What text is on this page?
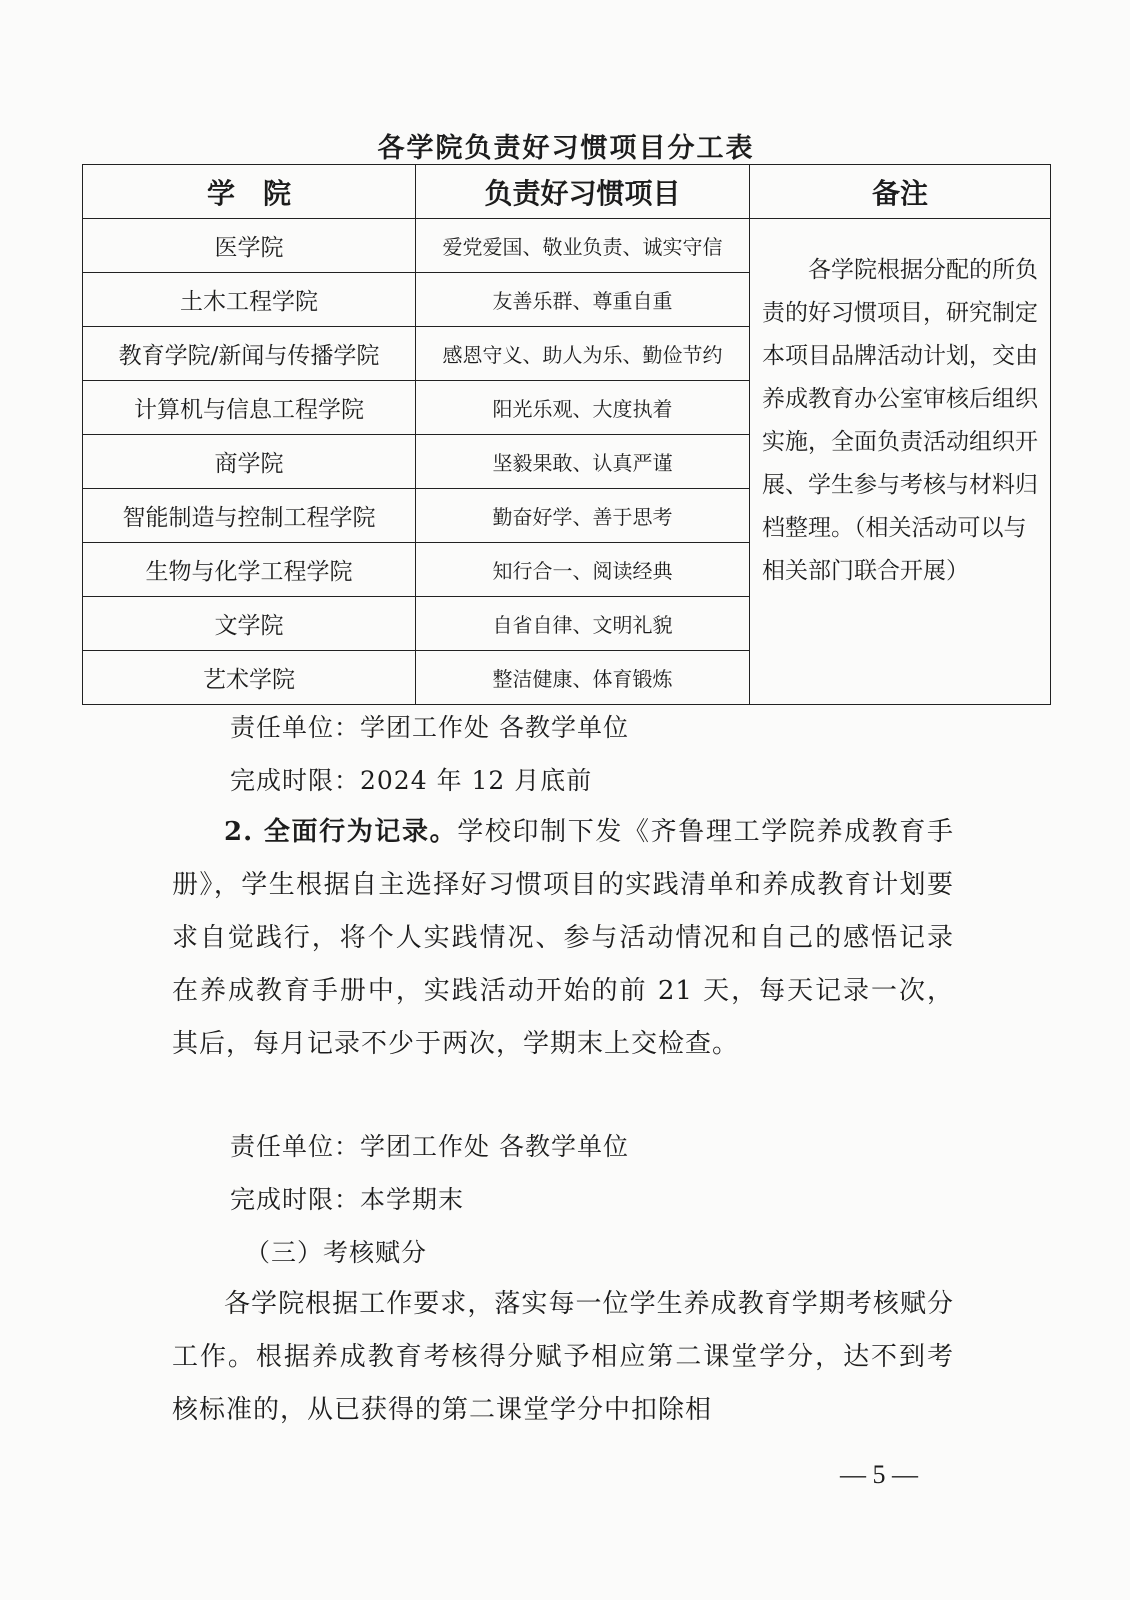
各学院负责好习惯项目分工表
学　院	负责好习惯项目	备注
医学院	爱党爱国、敬业负责、诚实守信	各学院根据分配的所负责的好习惯项目，研究制定本项目品牌活动计划，交由养成教育办公室审核后组织实施，全面负责活动组织开展、学生参与考核与材料归档整理。（相关活动可以与相关部门联合开展）
土木工程学院	友善乐群、尊重自重	
教育学院/新闻与传播学院	感恩守义、助人为乐、勤俭节约	
计算机与信息工程学院	阳光乐观、大度执着	
商学院	坚毅果敢、认真严谨	
智能制造与控制工程学院	勤奋好学、善于思考	
生物与化学工程学院	知行合一、阅读经典	
文学院	自省自律、文明礼貌	
艺术学院	整洁健康、体育锻炼	
责任单位：学团工作处 各教学单位
完成时限：2024 年 12 月底前
2. 全面行为记录。学校印制下发《齐鲁理工学院养成教育手册》，学生根据自主选择好习惯项目的实践清单和养成教育计划要求自觉践行，将个人实践情况、参与活动情况和自己的感悟记录在养成教育手册中，实践活动开始的前 21 天，每天记录一次，其后，每月记录不少于两次，学期末上交检查。
责任单位：学团工作处 各教学单位
完成时限：本学期末
（三）考核赋分
各学院根据工作要求，落实每一位学生养成教育学期考核赋分工作。根据养成教育考核得分赋予相应第二课堂学分，达不到考核标准的，从已获得的第二课堂学分中扣除相
— 5 —
